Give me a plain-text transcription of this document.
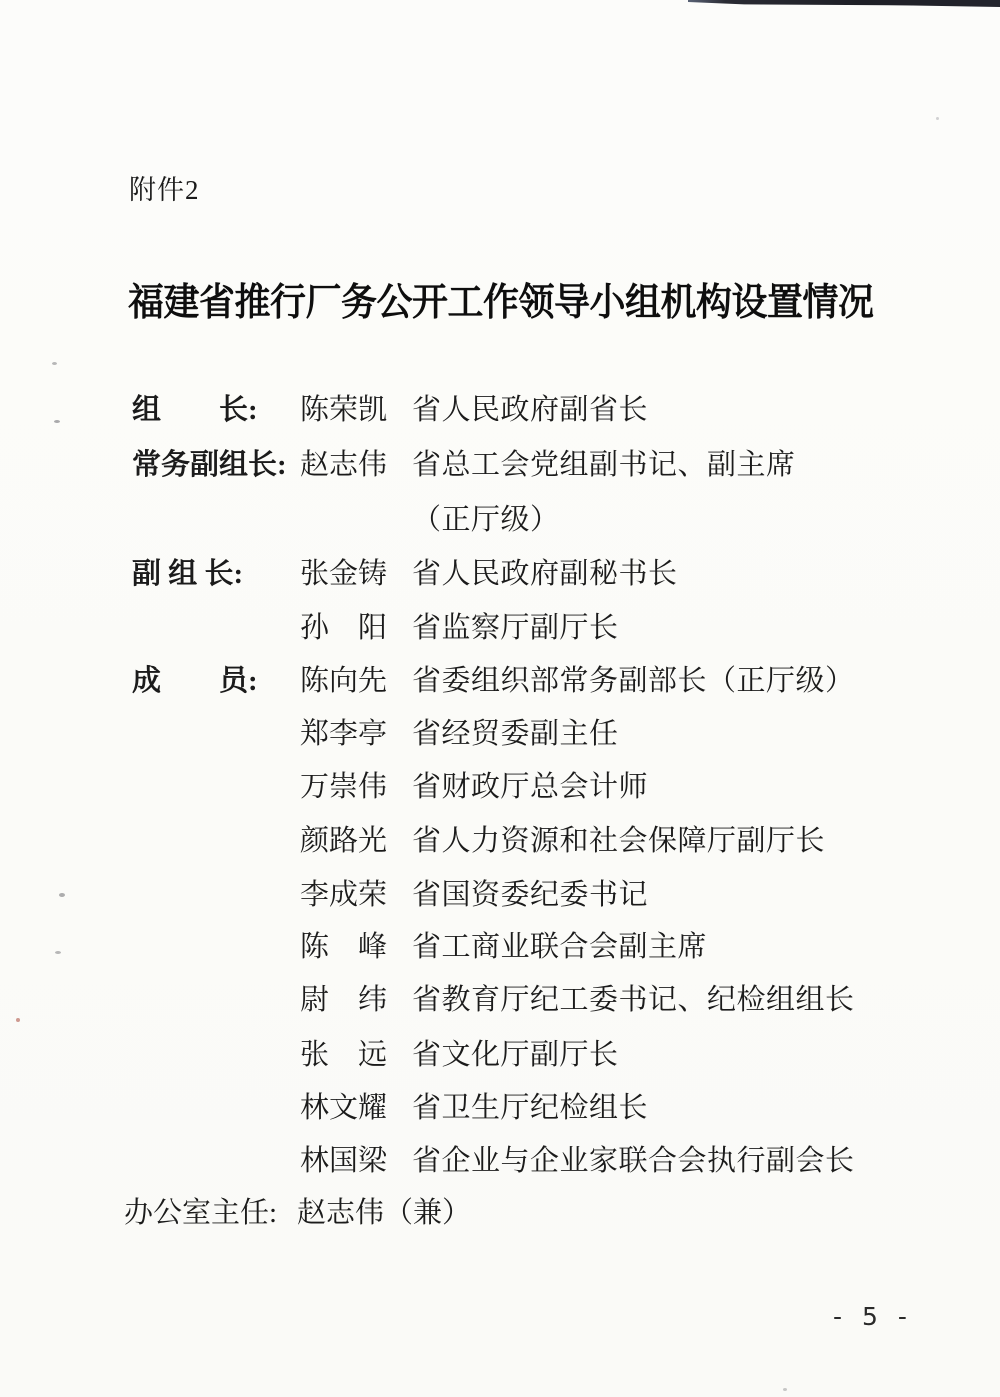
附件2
福建省推行厂务公开工作领导小组机构设置情况
组　　长: 陈荣凯 省人民政府副省长
常务副组长: 赵志伟 省总工会党组副书记、副主席
（正厅级）
副 组 长: 张金铸 省人民政府副秘书长
孙　阳 省监察厅副厅长
成　　员: 陈向先 省委组织部常务副部长（正厅级）
郑李亭 省经贸委副主任
万崇伟 省财政厅总会计师
颜路光 省人力资源和社会保障厅副厅长
李成荣 省国资委纪委书记
陈　峰 省工商业联合会副主席
尉　纬 省教育厅纪工委书记、纪检组组长
张　远 省文化厅副厅长
林文耀 省卫生厅纪检组长
林国梁 省企业与企业家联合会执行副会长
办公室主任: 赵志伟（兼）
- 5 -
